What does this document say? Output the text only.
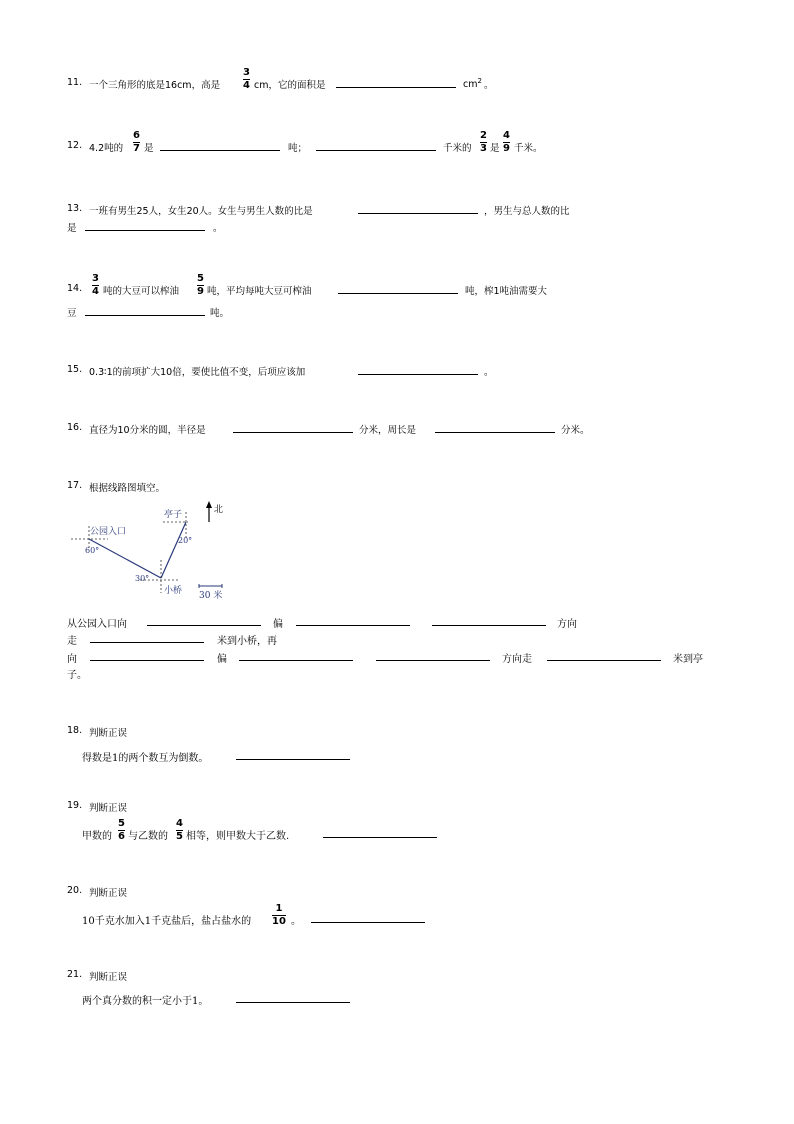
11. 一个三角形的底是16cm，高是
3
4 cm，它的面积是	$cm^2$ 。
12. 4.2吨的
6
7 是	吨；	千米的
2
3 是
4
9 千米。
13. 一班有男生25人，女生20人。女生与男生人数的比是	，男生与总人数的比
是	。
14.
3
4 吨的大豆可以榨油
5
9 吨，平均每吨大豆可榨油	吨，榨1吨油需要大
豆	吨。
15. 0.3∶1的前项扩大10倍，要使比值不变，后项应该加	。
16. 直径为10分米的圆，半径是	分米，周长是	分米。
17. 根据线路图填空。
北
亭子
公园入口
60°
20°
30°
小桥 30 米
从公园入口向	偏	方向
走	米到小桥，再
向	偏	方向走	米到亭
子。
18. 判断正误
得数是1的两个数互为倒数。
19. 判断正误
甲数的
5
6 与乙数的
4
5 相等，则甲数大于乙数.
20. 判断正误
10千克水加入1千克盐后，盐占盐水的
1
10 。
21. 判断正误
两个真分数的积一定小于1。
